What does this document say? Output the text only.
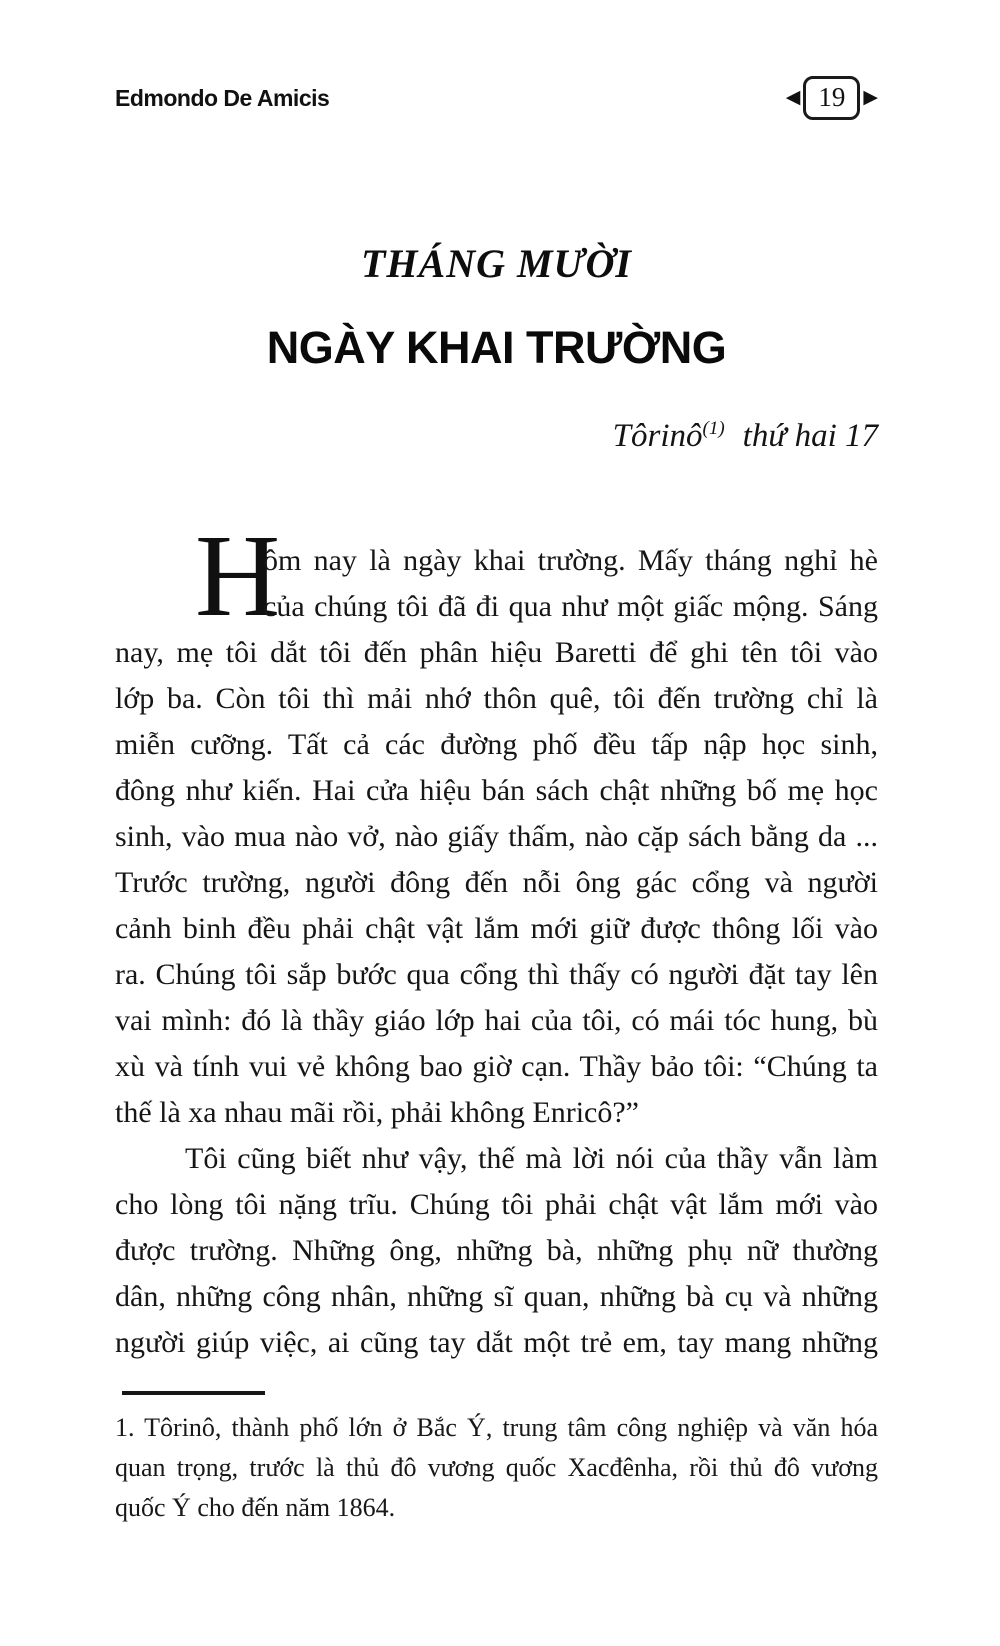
Edmondo De Amicis	◀ 19 ▶
THÁNG MƯỜI
NGÀY KHAI TRƯỜNG
Tôrinô$^{(1)}$ thứ hai 17
H
ôm nay là ngày khai trường. Mấy tháng nghỉ hè
của chúng tôi đã đi qua như một giấc mộng. Sáng
nay, mẹ tôi dắt tôi đến phân hiệu Baretti để ghi tên tôi vào
lớp ba. Còn tôi thì mải nhớ thôn quê, tôi đến trường chỉ là
miễn cưỡng. Tất cả các đường phố đều tấp nập học sinh,
đông như kiến. Hai cửa hiệu bán sách chật những bố mẹ học
sinh, vào mua nào vở, nào giấy thấm, nào cặp sách bằng da ...
Trước trường, người đông đến nỗi ông gác cổng và người
cảnh binh đều phải chật vật lắm mới giữ được thông lối vào
ra. Chúng tôi sắp bước qua cổng thì thấy có người đặt tay lên
vai mình: đó là thầy giáo lớp hai của tôi, có mái tóc hung, bù
xù và tính vui vẻ không bao giờ cạn. Thầy bảo tôi: “Chúng ta
thế là xa nhau mãi rồi, phải không Enricô?”
Tôi cũng biết như vậy, thế mà lời nói của thầy vẫn làm
cho lòng tôi nặng trĩu. Chúng tôi phải chật vật lắm mới vào
được trường. Những ông, những bà, những phụ nữ thường
dân, những công nhân, những sĩ quan, những bà cụ và những
người giúp việc, ai cũng tay dắt một trẻ em, tay mang những
1. Tôrinô, thành phố lớn ở Bắc Ý, trung tâm công nghiệp và văn hóa
quan trọng, trước là thủ đô vương quốc Xacđênha, rồi thủ đô vương
quốc Ý cho đến năm 1864.
